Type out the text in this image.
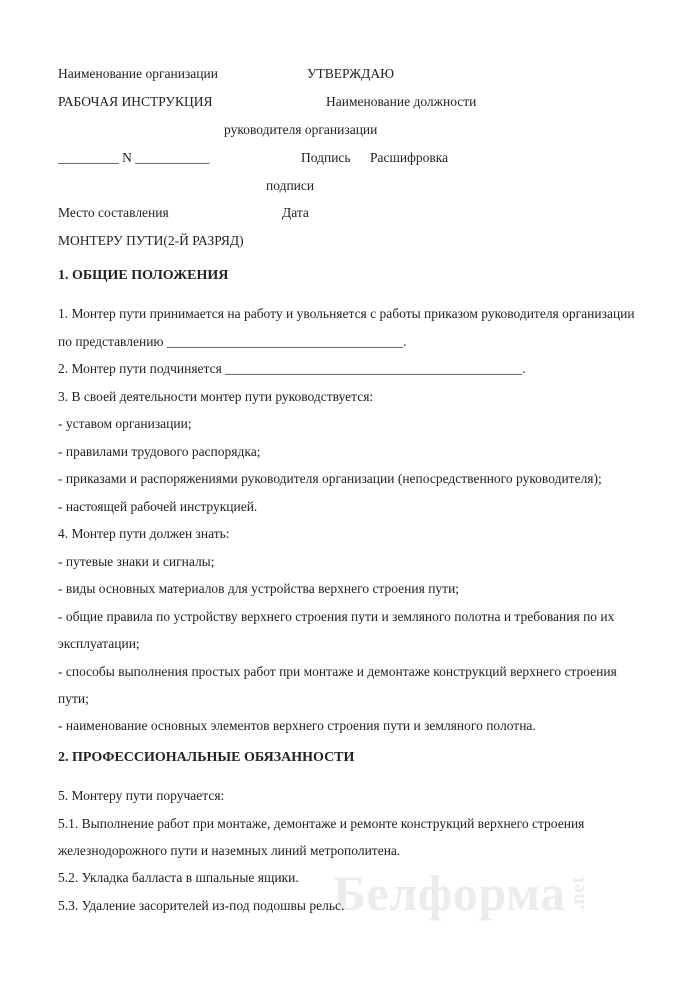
Белформа.net
Наименование организации	УТВЕРЖДАЮ
РАБОЧАЯ ИНСТРУКЦИЯ	Наименование должности
руководителя организации
_________ N ___________	Подпись Расшифровка
подписи
Место составления	Дата
МОНТЕРУ ПУТИ(2-Й РАЗРЯД)
1. ОБЩИЕ ПОЛОЖЕНИЯ
1. Монтер пути принимается на работу и увольняется с работы приказом руководителя организации
по представлению ___________________________________.
2. Монтер пути подчиняется ____________________________________________.
3. В своей деятельности монтер пути руководствуется:
- уставом организации;
- правилами трудового распорядка;
- приказами и распоряжениями руководителя организации (непосредственного руководителя);
- настоящей рабочей инструкцией.
4. Монтер пути должен знать:
- путевые знаки и сигналы;
- виды основных материалов для устройства верхнего строения пути;
- общие правила по устройству верхнего строения пути и земляного полотна и требования по их
эксплуатации;
- способы выполнения простых работ при монтаже и демонтаже конструкций верхнего строения
пути;
- наименование основных элементов верхнего строения пути и земляного полотна.
2. ПРОФЕССИОНАЛЬНЫЕ ОБЯЗАННОСТИ
5. Монтеру пути поручается:
5.1. Выполнение работ при монтаже, демонтаже и ремонте конструкций верхнего строения
железнодорожного пути и наземных линий метрополитена.
5.2. Укладка балласта в шпальные ящики.
5.3. Удаление засорителей из-под подошвы рельс.
